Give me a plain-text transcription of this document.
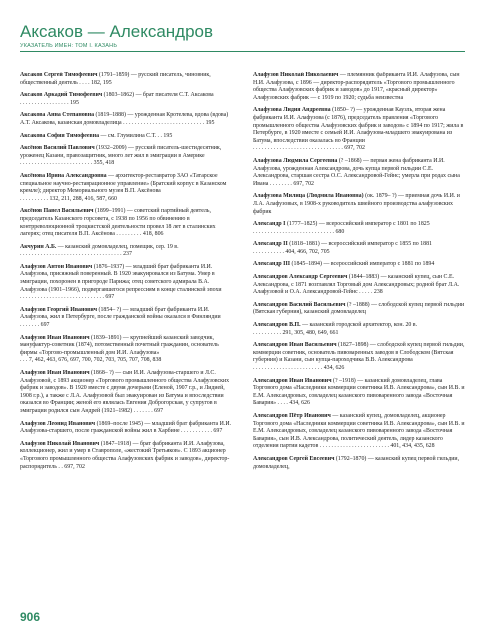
Аксаков — Александров
УКАЗАТЕЛЬ ИМЕН: ТОМ I. КАЗАНЬ
Аксаков Сергей Тимофеевич (1791–1859) — русский писатель, чиновник, общественный деятель . . . . 182, 195
Аксаков Аркадий Тимофеевич (1803–1862) — брат писателя С.Т. Аксакова . . . . . . . . . . . . . . . . . 195
Аксакова Анна Степановна (1819–1888) — урожденная Кротелева, вдова (вдова) А.Т. Аксакова, казанская домовладелица . . . . . . . . . . . . . . . . . . . . . . . . . . . . 195
Аксакова София Тимофеевна — см. Глумилина С.Т. . . 195
Аксёнов Василий Павлович (1932–2009) — русский писатель-шестидесятник, уроженец Казани, правозащитник, много лет жил в эмиграции в Америке . . . . . . . . . . . . . . . . . . . . . . . . . 355, 418
Аксёнова Ирина Александровна — архитектор-реставратор ЗАО «Татарское специальное научно-реставрационное управление» (Братский корпус в Казанском кремле); директор Мемориального музея В.П. Аксёнова . . . . . . . . . . 132, 211, 288, 416, 587, 660
Аксёнов Павел Васильевич (1899–1991) — советский партийный деятель, председатель Казанского горсовета, с 1938 по 1956 по обвинению в контрреволюционной троцкистской деятельности провел 18 лет в сталинских лагерях; отец писателя В.П. Аксёнова . . . . . . . . . 418, 806
Акчурин А.Б. — казанский домовладелец, помещик, сер. 19 в. . . . . . . . . . . . . . . . . . . . . . . . . . . . . . . . . . . . 237
Алафузов Антон Иванович (1876–1937) — младший брат фабриканта И.И. Алафузова, присяжный поверенный. В 1920 эвакуировался из Батума. Умер в эмиграции, похоронен в пригороде Парижа; отец советского адмирала В.А. Алафузова (1901–1966), подвергавшегося репрессиям в конце сталинской эпохи . . . . . . . . . . . . . . . . . . . . . . . . . . . . . 697
Алафузов Георгий Иванович (1854– ?) — младший брат фабриканта И.И. Алафузова, жил в Петербурге, после гражданской войны оказался в Финляндии . . . . . . . 697
Алафузов Иван Иванович (1839–1891) — крупнейший казанский заводчик, мануфактур-советник (1874), потомственный почетный гражданин, основатель фирмы «Торгово-промышленный дом И.И. Алафузова» . . . 7, 462, 463, 676, 697, 700, 702, 703, 705, 707, 708, 838
Алафузов Иван Иванович (1868– ?) — сын И.И. Алафузова-старшего и Л.С. Алафузовой, с 1893 акционер «Торгового промышленного общества Алафузовских фабрик и заводов». В 1920 вместе с двумя дочерьми (Еленой, 1907 г.р., и Лидией, 1908 г.р.), а также с Л.А. Алафузовой был эвакуирован из Батума и впоследствии оказался во Франции; женой его являлась Евгения Доброгорская, у супругов в эмиграции родился сын Андрей (1921–1982) . . . . . . . 697
Алафузов Леонид Иванович (1869–после 1945) — младший брат фабриканта И.И. Алафузова-старшего, после гражданской войны жил в Харбине . . . . . . . . . . . 697
Алафузов Николай Иванович (1847–1918) — брат фабриканта И.И. Алафузова, коллекционер, жил и умер в Ставрополе, «жестокий Третьяков». С 1893 акционер «Торгового промышленного общества Алафузовских фабрик и заводов», директор-распорядитель . . 697, 702
Алафузов Николай Николаевич — племянник фабриканта И.И. Алафузова, сын Н.И. Алафузова, с 1896 — директор-распорядитель «Торгового промышленного общества Алафузовских фабрик и заводов» до 1917, «красный директор» Алафузовских фабрик — с 1919 по 1920; судьба неизвестна
Алафузова Лидия Андреевна (1850– ?) — урожденная Каузль, вторая жена фабриканта И.И. Алафузова (с 1876), председатель правления «Торгового промышленного общества Алафузовских фабрик и заводов» с 1894 по 1917; жила в Петербурге, в 1920 вместе с семьей И.И. Алафузова-младшего эвакуирована из Батума, впоследствии оказалась во Франции . . . . . . . . . . . . . . . . . . . . . . . . . . . . . . . 697, 702
Алафузова Людмила Сергеевна (? –1868) — первая жена фабриканта И.И. Алафузова, урожденная Александрова, дочь купца первой гильдии С.Е. Александрова, старшая сестра О.С. Александровой-Гейнс; умерла при родах сына Ивана . . . . . . . . 697, 702
Алафузова Милица (Людмила Ивановна) (ок. 1879– ?) — приемная дочь И.И. и Л.А. Алафузовых, в 1908-х руководитель швейного производства алафузовских фабрик
Александр I (1777–1825) — всероссийский император с 1801 по 1825 . . . . . . . . . . . . . . . . . . . . . . . . . . . . 680
Александр II (1818–1881) — всероссийский император с 1855 по 1881 . . . . . . . . . . . 404, 466, 702, 705
Александр III (1845–1894) — всероссийский император с 1881 по 1894
Александров Александр Сергеевич (1844–1883) — казанский купец, сын С.Е. Александрова, с 1871 возглавлял Торговый дом Александровых; родной брат Л.А. Алафузовой и О.А. Александровой-Гейнс . . . . . 238
Александров Василий Васильевич (? –1888) — слободской купец первой гильдии (Вятская губерния), казанский домовладелец
Александров В.П. — казанский городской архитектор, кон. 20 в. . . . . . . . . . . 291, 305, 480, 649, 661
Александров Иван Васильевич (1827–1898) — слободской купец первой гильдии, коммерции советник, основатель пивоваренных заводов в Слободском (Вятская губерния) и Казани, сын купца-пароходчика В.В. Александрова . . . . . . . . . . . . . . . . . . . . . . . . 434, 626
Александров Иван Иванович (? –1918) — казанский домовладелец, глава Торгового дома «Наследники коммерции советника И.В. Александрова», сын И.В. и Е.М. Александровых, совладелец казанского пивоваренного завода «Восточная Бавария» . . . . 434, 626
Александров Пётр Иванович — казанский купец, домовладелец, акционер Торгового дома «Наследники коммерции советника И.В. Александрова», сын И.В. и Е.М. Александровых, совладелец казанского пивоваренного завода «Восточная Бавария», сын И.В. Александрова, политический деятель, лидер казанского отделения партии кадетов . . . . . . . . . . . . . . . . . . . . . . . . 401, 434, 435, 628
Александров Сергей Евсеевич (1792–1870) — казанский купец первой гильдии, домовладелец,
906
